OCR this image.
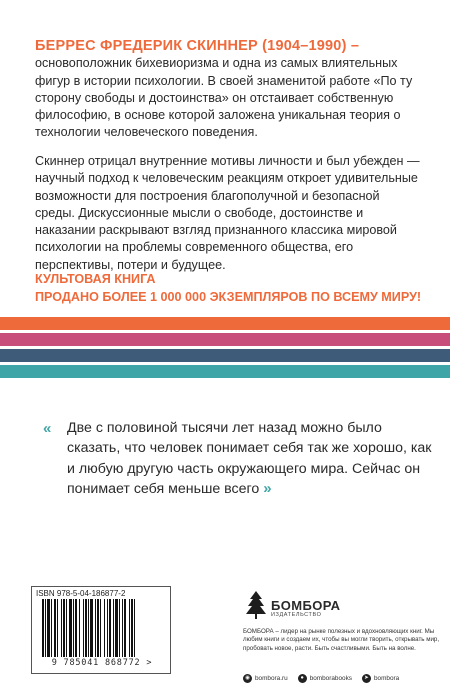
БЕРРЕС ФРЕДЕРИК СКИННЕР (1904–1990) – основоположник бихевиоризма и одна из самых влиятельных фигур в истории психологии. В своей знаменитой работе «По ту сторону свободы и достоинства» он отстаивает собственную философию, в основе которой заложена уникальная теория о технологии человеческого поведения.
Скиннер отрицал внутренние мотивы личности и был убежден — научный подход к человеческим реакциям откроет удивительные возможности для построения благополучной и безопасной среды. Дискуссионные мысли о свободе, достоинстве и наказании раскрывают взгляд признанного классика мировой психологии на проблемы современного общества, его перспективы, потери и будущее.
КУЛЬТОВАЯ КНИГА
ПРОДАНО БОЛЕЕ 1 000 000 ЭКЗЕМПЛЯРОВ ПО ВСЕМУ МИРУ!
« Две с половиной тысячи лет назад можно было сказать, что человек понимает себя так же хорошо, как и любую другую часть окружающего мира. Сейчас он понимает себя меньше всего »
ISBN 978-5-04-186877-2
9 785041 868772 >
БОМБОРА
ИЗДАТЕЛЬСТВО
БОМБОРА – лидер на рынке полезных и вдохновляющих книг. Мы любим книги и создаем их, чтобы вы могли творить, открывать мир, пробовать новое, расти. Быть счастливыми. Быть на волне.
◉ bombora.ru	● bomborabooks	➤ bombora
